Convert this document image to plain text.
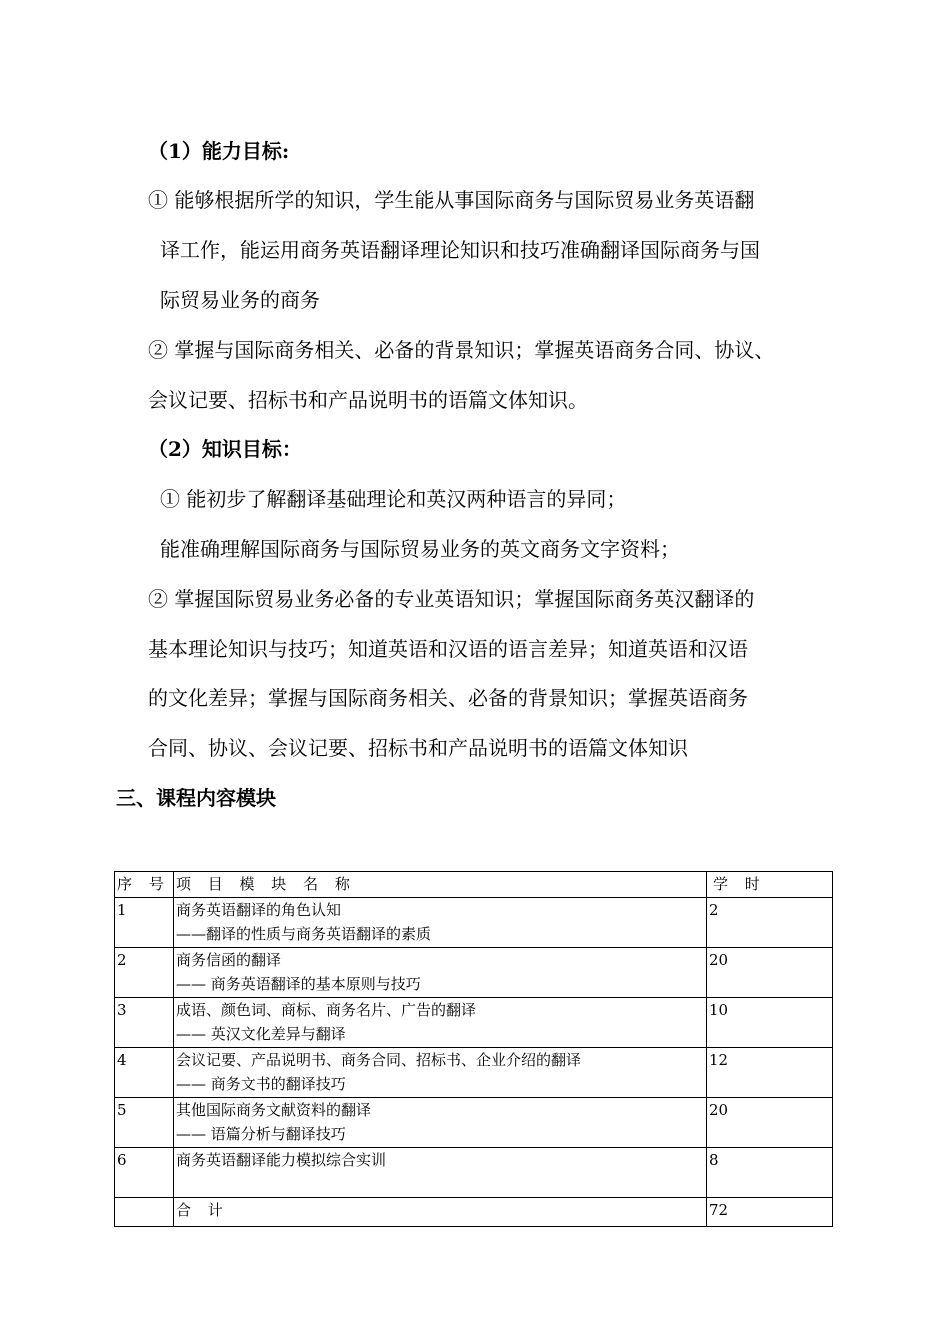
（1）能力目标:
① 能够根据所学的知识，学生能从事国际商务与国际贸易业务英语翻
译工作，能运用商务英语翻译理论知识和技巧准确翻译国际商务与国
际贸易业务的商务
② 掌握与国际商务相关、必备的背景知识；掌握英语商务合同、协议、
会议记要、招标书和产品说明书的语篇文体知识。
（2）知识目标：
① 能初步了解翻译基础理论和英汉两种语言的异同；
能准确理解国际商务与国际贸易业务的英文商务文字资料；
② 掌握国际贸易业务必备的专业英语知识；掌握国际商务英汉翻译的
基本理论知识与技巧；知道英语和汉语的语言差异；知道英语和汉语
的文化差异；掌握与国际商务相关、必备的背景知识；掌握英语商务
合同、协议、会议记要、招标书和产品说明书的语篇文体知识
三、课程内容模块
序 号	项 目 模 块 名 称	学 时
1	商务英语翻译的角色认知
——翻译的性质与商务英语翻译的素质	2
2	商务信函的翻译
—— 商务英语翻译的基本原则与技巧	20
3	成语、颜色词、商标、商务名片、广告的翻译
—— 英汉文化差异与翻译	10
4	会议记要、产品说明书、商务合同、招标书、企业介绍的翻译
—— 商务文书的翻译技巧	12
5	其他国际商务文献资料的翻译
—— 语篇分析与翻译技巧	20
6	商务英语翻译能力模拟综合实训	8
	合 计	72
